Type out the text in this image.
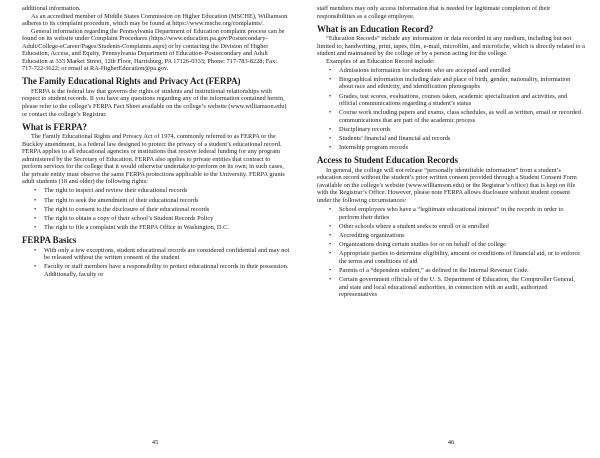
additional information.

As an accredited member of Middle States Commission on Higher Education (MSCHE), Williamson adheres to its complaint procedure, which may be found at https://www.msche.org/complaints/.

General information regarding the Pennsylvania Department of Education complaint process can be found on its website under Complaint Procedures (https://www.education.pa.gov/Postsecondary-Adult/College-eCareer/Pages/Students-Complaints.aspx) or by contacting the Division of Higher Education, Access, and Equity, Pennsylvania Department of Education–Postsecondary and Adult Education at 333 Market Street, 12th Floor, Harrisburg, PA 17126-0333; Phone: 717-783-8228; Fax: 717-722-3622; or email at RA-HigherEducation@pa.gov.

The Family Educational Rights and Privacy Act (FERPA)

FERPA is the federal law that governs the rights of students and institutional relationships with respect to student records. If you have any questions regarding any of the information contained herein, please refer to the college’s FERPA Fact Sheet available on the college’s website (www.williamson.edu) or contact the college’s Registrar.

What is FERPA?

The Family Educational Rights and Privacy Act of 1974, commonly referred to as FERPA or the Buckley amendment, is a federal law designed to protect the privacy of a student’s educational record. FERPA applies to all educational agencies or institutions that receive federal funding for any program administered by the Secretary of Education. FERPA also applies to private entities that contract to perform services for the college that it would otherwise undertake to perform on its own; in such cases, the private entity must observe the same FERPA protections applicable to the University. FERPA grants adult students (18 and older) the following rights:

• The right to inspect and review their educational records
• The right to seek the amendment of their educational records
• The right to consent to the disclosure of their educational records
• The right to obtain a copy of their school’s Student Records Policy
• The right to file a complaint with the FERPA Office in Washington, D.C.
FERPA Basics
• With only a few exceptions, student educational records are considered confidential and may not be released without the written consent of the student
• Faculty or staff members have a responsibility to protect educational records in their possession. Additionally, faculty or

staff members may only access information that is needed for legitimate completion of their responsibilities as a college employee.

What is an Education Record?

“Education Records” include any information or data recorded in any medium, including but not limited to, handwriting, print, tapes, film, e-mail, microfilm, and microfiche, which is directly related to a student and maintained by the college or by a person acting for the college.

Examples of an Education Record include:

• Admissions information for students who are accepted and enrolled
• Biographical information including date and place of birth, gender, nationality, information about race and ethnicity, and identification photographs
• Grades, test scores, evaluations, courses taken, academic specialization and activities, and official communications regarding a student’s status
• Course work including papers and exams, class schedules, as well as written, email or recorded communications that are part of the academic process
• Disciplinary records
• Students’ financial and financial aid records
• Internship program records
Access to Student Education Records

In general, the college will not release “personally identifiable information” from a student’s education record without the student’s prior written consent provided through a Student Consent Form (available on the college’s website (www.williamson.edu) or the Registrar’s office) that is kept on file with the Registrar’s Office. However, please note FERPA allows disclosure without student consent under the following circumstances:

• School employees who have a “legitimate educational interest” in the records in order to perform their duties
• Other schools where a student seeks to enroll or is enrolled
• Accrediting organizations
• Organizations doing certain studies for or on behalf of the college
• Appropriate parties to determine eligibility, amount or conditions of financial aid, or to enforce the terms and conditions of aid
• Parents of a “dependent student,” as defined in the Internal Revenue Code.
• Certain government officials of the U. S. Department of Education, the Comptroller General, and state and local educational authorities, in connection with an audit, authorized representatives
45	46
